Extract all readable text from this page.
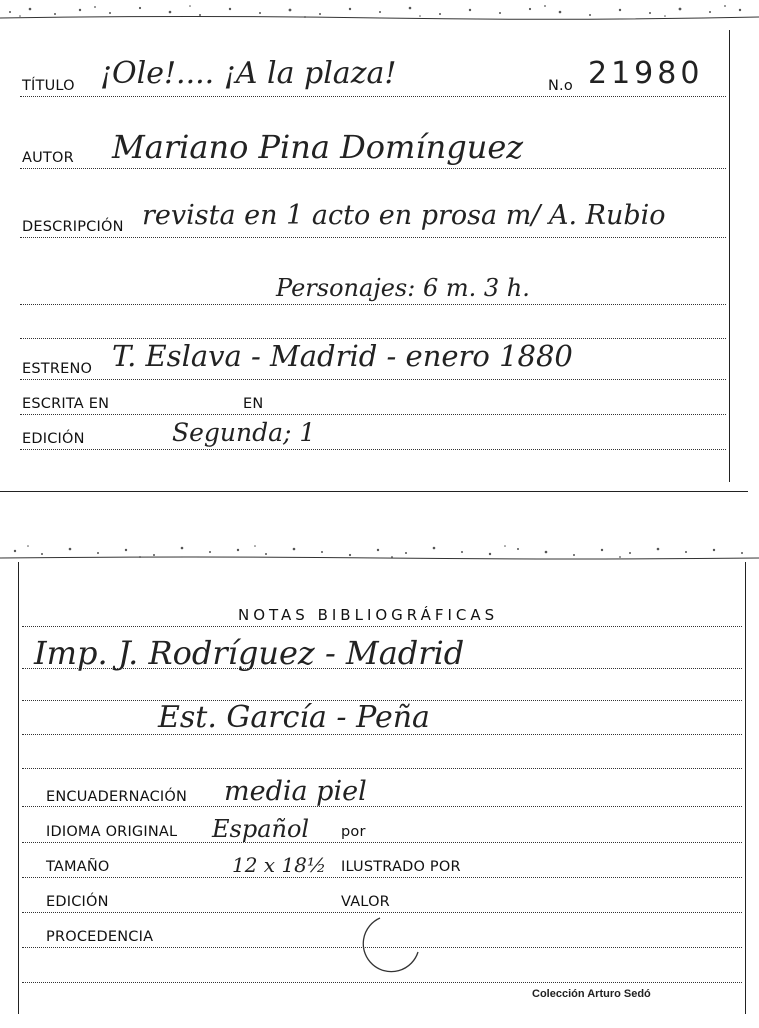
TÍTULO ¡Ole!.... ¡A la plaza!	N.o 21980
AUTOR Mariano Pina Domínguez
DESCRIPCIÓN revista en 1 acto en prosa m/ A. Rubio
Personajes: 6 m. 3 h.
ESTRENO T. Eslava - Madrid - enero 1880
ESCRITA EN	EN
EDICIÓN	Segunda; 1
NOTAS BIBLIOGRÁFICAS
Imp. J. Rodríguez - Madrid
Est. García - Peña
ENCUADERNACIÓN media piel
IDIOMA ORIGINAL Español por
TAMAÑO	12 x 18½ ILUSTRADO POR
EDICIÓN	VALOR
PROCEDENCIA
Colección Arturo Sedó
